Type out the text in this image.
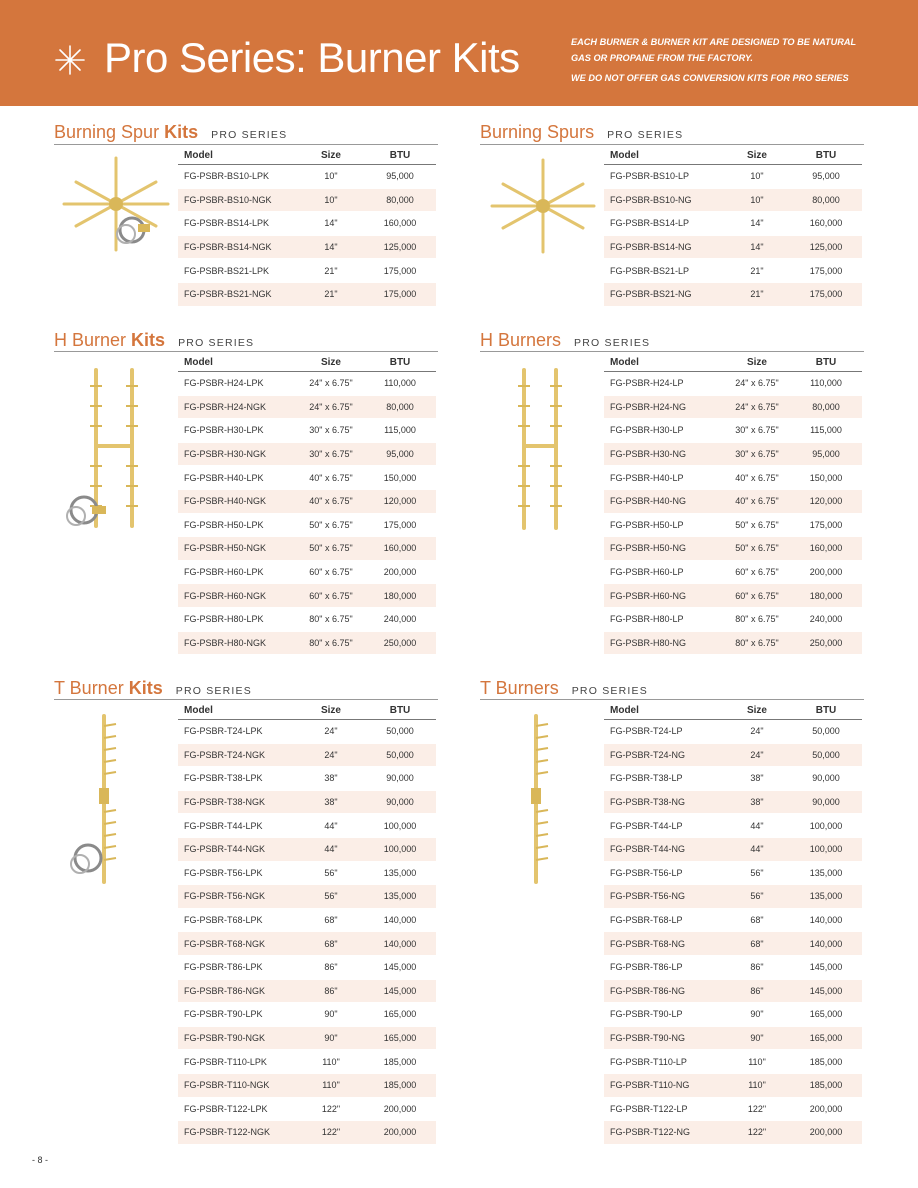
Pro Series: Burner Kits	EACH BURNER & BURNER KIT ARE DESIGNED TO BE NATURAL GAS OR PROPANE FROM THE FACTORY.
WE DO NOT OFFER GAS CONVERSION KITS FOR PRO SERIES
Burning Spur Kits PRO SERIES
Model	Size	BTU
FG-PSBR-BS10-LPK	10"	95,000
FG-PSBR-BS10-NGK	10"	80,000
FG-PSBR-BS14-LPK	14"	160,000
FG-PSBR-BS14-NGK	14"	125,000
FG-PSBR-BS21-LPK	21"	175,000
FG-PSBR-BS21-NGK	21"	175,000
Burning Spurs PRO SERIES
Model	Size	BTU
FG-PSBR-BS10-LP	10"	95,000
FG-PSBR-BS10-NG	10"	80,000
FG-PSBR-BS14-LP	14"	160,000
FG-PSBR-BS14-NG	14"	125,000
FG-PSBR-BS21-LP	21"	175,000
FG-PSBR-BS21-NG	21"	175,000
H Burner Kits PRO SERIES
Model	Size	BTU
FG-PSBR-H24-LPK	24" x 6.75"	110,000
FG-PSBR-H24-NGK	24" x 6.75"	80,000
FG-PSBR-H30-LPK	30" x 6.75"	115,000
FG-PSBR-H30-NGK	30" x 6.75"	95,000
FG-PSBR-H40-LPK	40" x 6.75"	150,000
FG-PSBR-H40-NGK	40" x 6.75"	120,000
FG-PSBR-H50-LPK	50" x 6.75"	175,000
FG-PSBR-H50-NGK	50" x 6.75"	160,000
FG-PSBR-H60-LPK	60" x 6.75"	200,000
FG-PSBR-H60-NGK	60" x 6.75"	180,000
FG-PSBR-H80-LPK	80" x 6.75"	240,000
FG-PSBR-H80-NGK	80" x 6.75"	250,000
H Burners PRO SERIES
Model	Size	BTU
FG-PSBR-H24-LP	24" x 6.75"	110,000
FG-PSBR-H24-NG	24" x 6.75"	80,000
FG-PSBR-H30-LP	30" x 6.75"	115,000
FG-PSBR-H30-NG	30" x 6.75"	95,000
FG-PSBR-H40-LP	40" x 6.75"	150,000
FG-PSBR-H40-NG	40" x 6.75"	120,000
FG-PSBR-H50-LP	50" x 6.75"	175,000
FG-PSBR-H50-NG	50" x 6.75"	160,000
FG-PSBR-H60-LP	60" x 6.75"	200,000
FG-PSBR-H60-NG	60" x 6.75"	180,000
FG-PSBR-H80-LP	80" x 6.75"	240,000
FG-PSBR-H80-NG	80" x 6.75"	250,000
T Burner Kits PRO SERIES
Model	Size	BTU
FG-PSBR-T24-LPK	24"	50,000
FG-PSBR-T24-NGK	24"	50,000
FG-PSBR-T38-LPK	38"	90,000
FG-PSBR-T38-NGK	38"	90,000
FG-PSBR-T44-LPK	44"	100,000
FG-PSBR-T44-NGK	44"	100,000
FG-PSBR-T56-LPK	56"	135,000
FG-PSBR-T56-NGK	56"	135,000
FG-PSBR-T68-LPK	68"	140,000
FG-PSBR-T68-NGK	68"	140,000
FG-PSBR-T86-LPK	86"	145,000
FG-PSBR-T86-NGK	86"	145,000
FG-PSBR-T90-LPK	90"	165,000
FG-PSBR-T90-NGK	90"	165,000
FG-PSBR-T110-LPK	110"	185,000
FG-PSBR-T110-NGK	110"	185,000
FG-PSBR-T122-LPK	122"	200,000
FG-PSBR-T122-NGK	122"	200,000
T Burners PRO SERIES
Model	Size	BTU
FG-PSBR-T24-LP	24"	50,000
FG-PSBR-T24-NG	24"	50,000
FG-PSBR-T38-LP	38"	90,000
FG-PSBR-T38-NG	38"	90,000
FG-PSBR-T44-LP	44"	100,000
FG-PSBR-T44-NG	44"	100,000
FG-PSBR-T56-LP	56"	135,000
FG-PSBR-T56-NG	56"	135,000
FG-PSBR-T68-LP	68"	140,000
FG-PSBR-T68-NG	68"	140,000
FG-PSBR-T86-LP	86"	145,000
FG-PSBR-T86-NG	86"	145,000
FG-PSBR-T90-LP	90"	165,000
FG-PSBR-T90-NG	90"	165,000
FG-PSBR-T110-LP	110"	185,000
FG-PSBR-T110-NG	110"	185,000
FG-PSBR-T122-LP	122"	200,000
FG-PSBR-T122-NG	122"	200,000
- 8 -
